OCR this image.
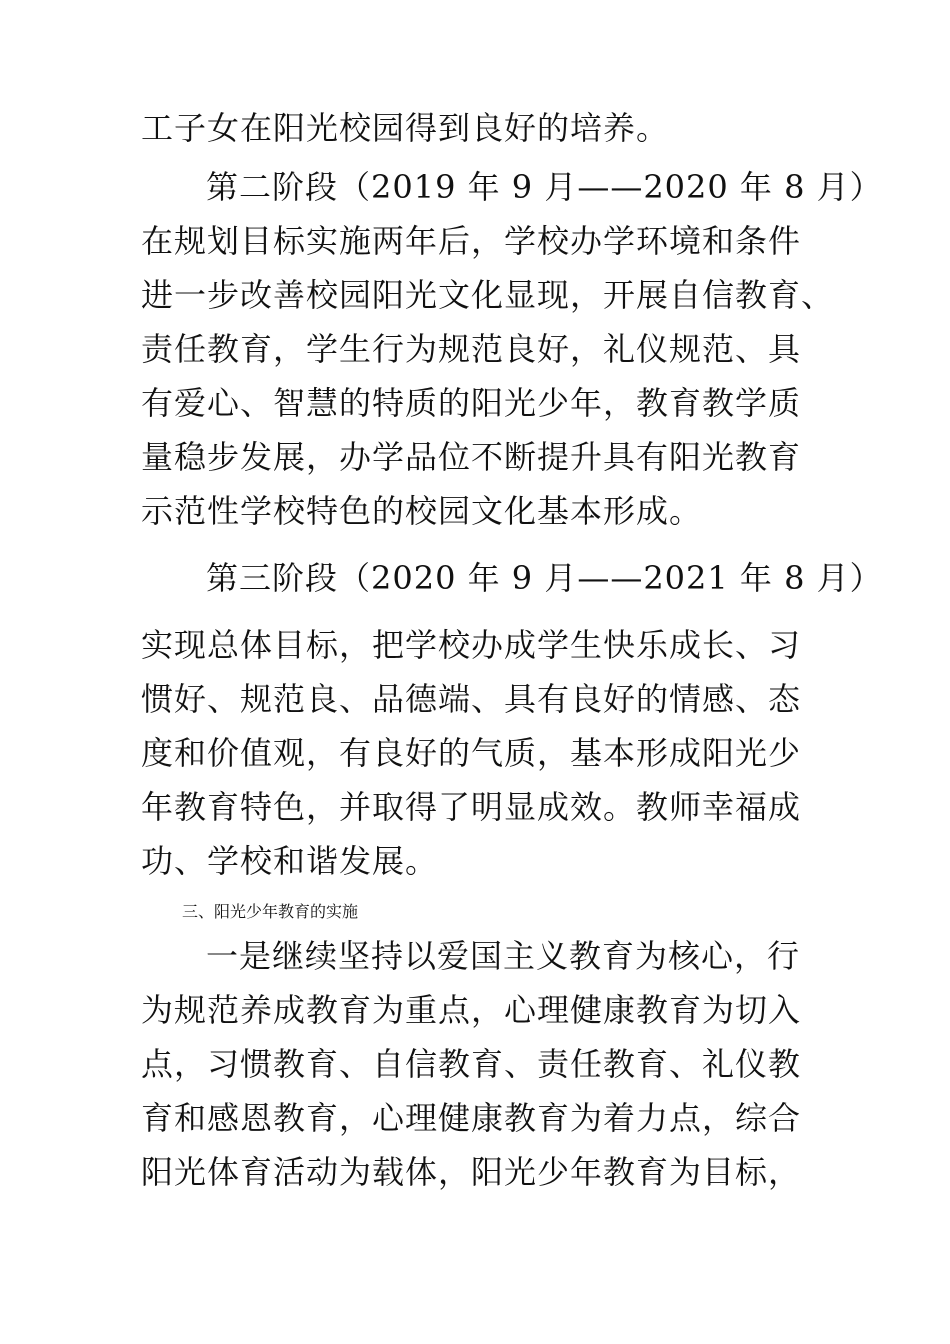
工子女在阳光校园得到良好的培养。
第二阶段（2019 年 9 月——2020 年 8 月）
在规划目标实施两年后，学校办学环境和条件
进一步改善校园阳光文化显现，开展自信教育、
责任教育，学生行为规范良好，礼仪规范、具
有爱心、智慧的特质的阳光少年，教育教学质
量稳步发展，办学品位不断提升具有阳光教育
示范性学校特色的校园文化基本形成。
第三阶段（2020 年 9 月——2021 年 8 月）
实现总体目标，把学校办成学生快乐成长、习
惯好、规范良、品德端、具有良好的情感、态
度和价值观，有良好的气质，基本形成阳光少
年教育特色，并取得了明显成效。教师幸福成
功、学校和谐发展。
三、阳光少年教育的实施
一是继续坚持以爱国主义教育为核心，行
为规范养成教育为重点，心理健康教育为切入
点，习惯教育、自信教育、责任教育、礼仪教
育和感恩教育，心理健康教育为着力点，综合
阳光体育活动为载体，阳光少年教育为目标，
